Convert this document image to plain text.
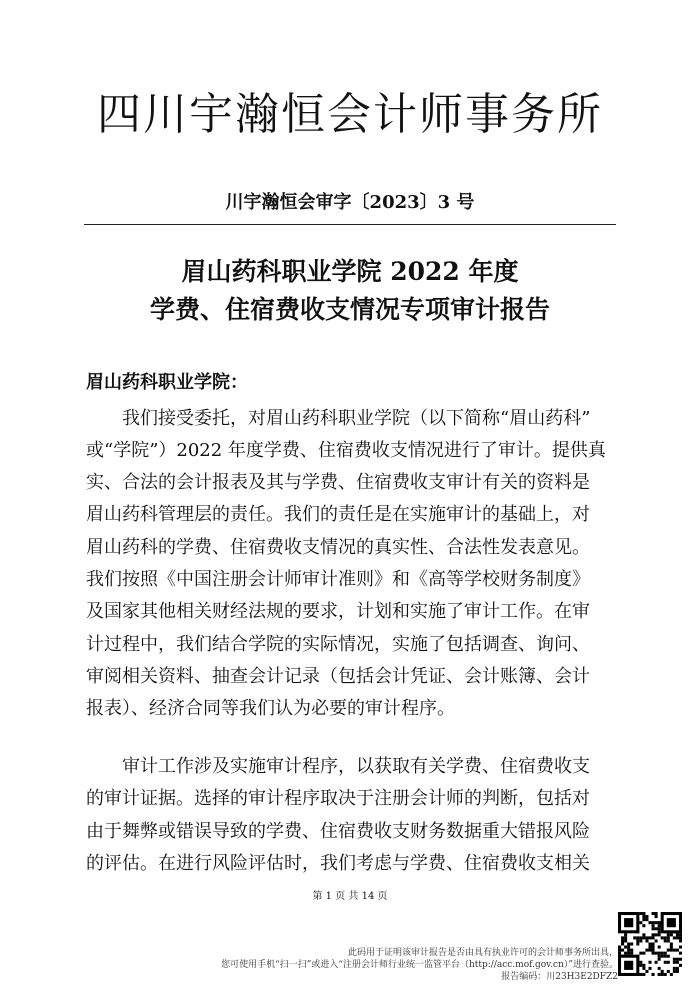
四川宇瀚恒会计师事务所
川宇瀚恒会审字〔2023〕3 号
眉山药科职业学院 2022 年度
学费、住宿费收支情况专项审计报告
眉山药科职业学院：
我们接受委托，对眉山药科职业学院（以下简称“眉山药科”
或“学院”）2022 年度学费、住宿费收支情况进行了审计。提供真
实、合法的会计报表及其与学费、住宿费收支审计有关的资料是
眉山药科管理层的责任。我们的责任是在实施审计的基础上，对
眉山药科的学费、住宿费收支情况的真实性、合法性发表意见。
我们按照《中国注册会计师审计准则》和《高等学校财务制度》
及国家其他相关财经法规的要求，计划和实施了审计工作。在审
计过程中，我们结合学院的实际情况，实施了包括调查、询问、
审阅相关资料、抽查会计记录（包括会计凭证、会计账簿、会计
报表）、经济合同等我们认为必要的审计程序。
审计工作涉及实施审计程序，以获取有关学费、住宿费收支
的审计证据。选择的审计程序取决于注册会计师的判断，包括对
由于舞弊或错误导致的学费、住宿费收支财务数据重大错报风险
的评估。在进行风险评估时，我们考虑与学费、住宿费收支相关
第 1 页 共 14 页
此码用于证明该审计报告是否由具有执业许可的会计师事务所出具，
您可使用手机“扫一扫”或进入“注册会计师行业统一监管平台（http://acc.mof.gov.cn）”进行查验。
报告编码：川23H3E2DFZ2
